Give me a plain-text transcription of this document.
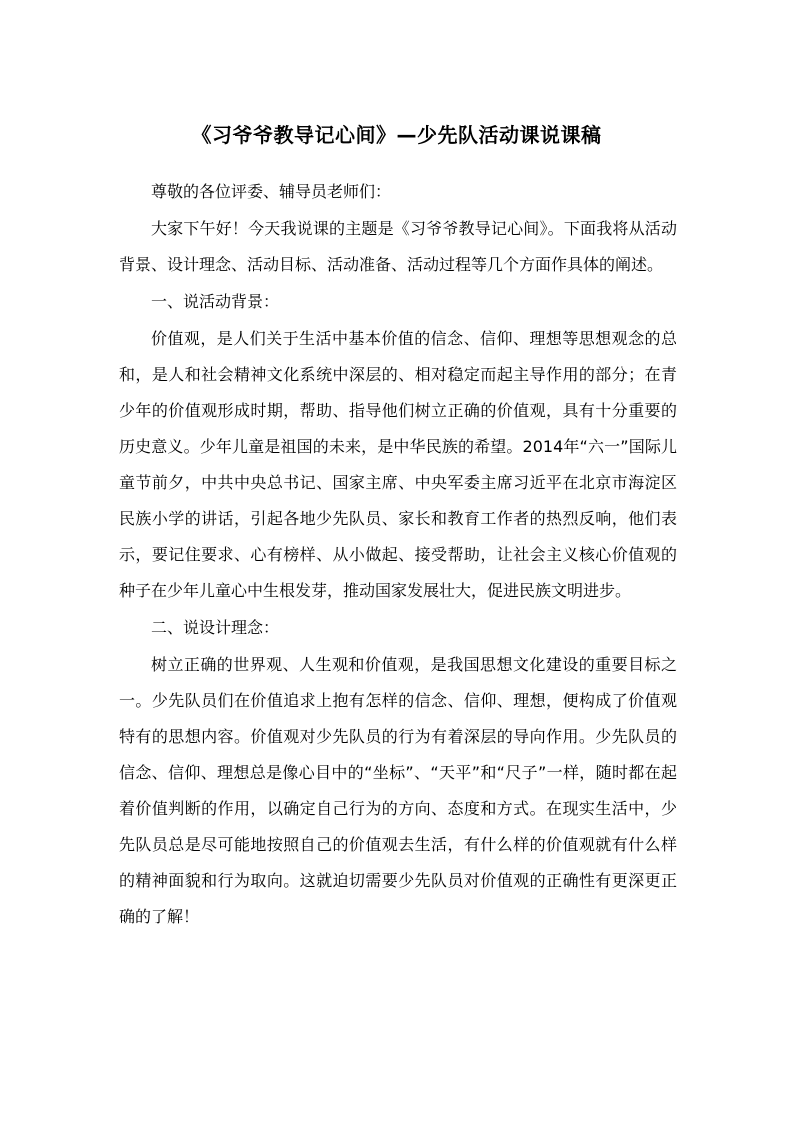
《习爷爷教导记心间》—少先队活动课说课稿

尊敬的各位评委、辅导员老师们：

大家下午好！今天我说课的主题是《习爷爷教导记心间》。下面我将从活动背景、设计理念、活动目标、活动准备、活动过程等几个方面作具体的阐述。

一、说活动背景：

价值观，是人们关于生活中基本价值的信念、信仰、理想等思想观念的总和，是人和社会精神文化系统中深层的、相对稳定而起主导作用的部分；在青少年的价值观形成时期，帮助、指导他们树立正确的价值观，具有十分重要的历史意义。少年儿童是祖国的未来，是中华民族的希望。2014年“六一”国际儿童节前夕，中共中央总书记、国家主席、中央军委主席习近平在北京市海淀区民族小学的讲话，引起各地少先队员、家长和教育工作者的热烈反响，他们表示，要记住要求、心有榜样、从小做起、接受帮助，让社会主义核心价值观的种子在少年儿童心中生根发芽，推动国家发展壮大，促进民族文明进步。

二、说设计理念：

树立正确的世界观、人生观和价值观，是我国思想文化建设的重要目标之一。少先队员们在价值追求上抱有怎样的信念、信仰、理想，便构成了价值观特有的思想内容。价值观对少先队员的行为有着深层的导向作用。少先队员的信念、信仰、理想总是像心目中的“坐标”、“天平”和“尺子”一样，随时都在起着价值判断的作用，以确定自己行为的方向、态度和方式。在现实生活中，少先队员总是尽可能地按照自己的价值观去生活，有什么样的价值观就有什么样的精神面貌和行为取向。这就迫切需要少先队员对价值观的正确性有更深更正确的了解！
